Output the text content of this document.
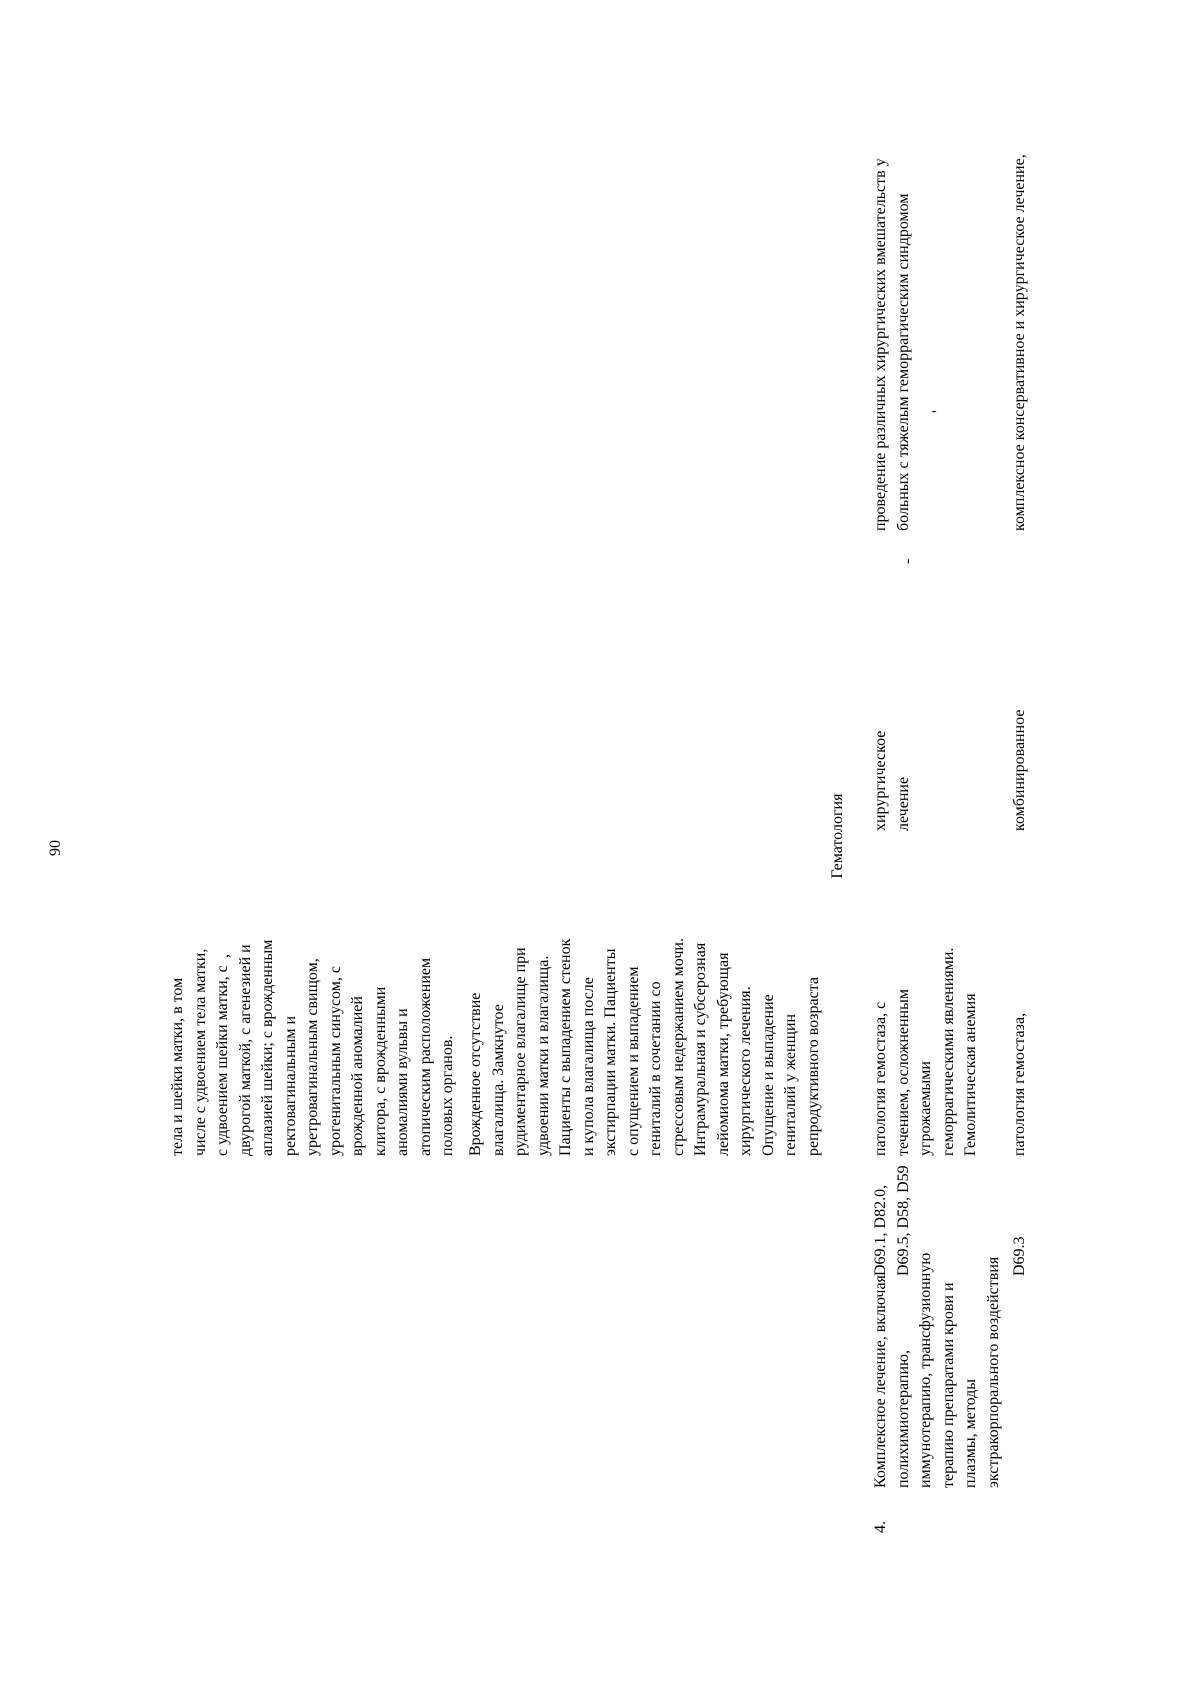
90
тела и шейки матки, в том числе с удвоением тела матки, с удвоением шейки матки, с двурогой маткой, с агенезией и аплазией шейки; с врожденным ректовагинальным и уретровагинальным свищом, урогенитальным синусом, с врожденной аномалией клитора, с врожденными аномалиями вульвы и атопическим расположением половых органов.
,
Врожденное отсутствие влагалища. Замкнутое рудиментарное влагалище при удвоении матки и влагалища. Пациенты с выпадением стенок и купола влагалища после экстирпации матки. Пациенты с опущением и выпадением гениталий в сочетании со стрессовым недержанием мочи. Интрамуральная и субсерозная лейомиома матки, требующая хирургического лечения. Опущение и выпадение гениталий у женщин репродуктивного возраста
Гематология
4.
Комплексное лечение, включая полихимиотерапию, иммунотерапию, трансфузионную терапию препаратами крови и плазмы, методы экстракорпорального воздействия
D69.1, D82.0, D69.5, D58, D59
патология гемостаза, с течением, осложненным угрожаемыми геморрагическими явлениями. Гемолитическая анемия
хирургическое лечение
-
проведение различных хирургических вмешательств у больных с тяжелым геморрагическим синдромом '
D69.3
патология гемостаза,
комбинированное
комплексное консервативное и хирургическое лечение,
